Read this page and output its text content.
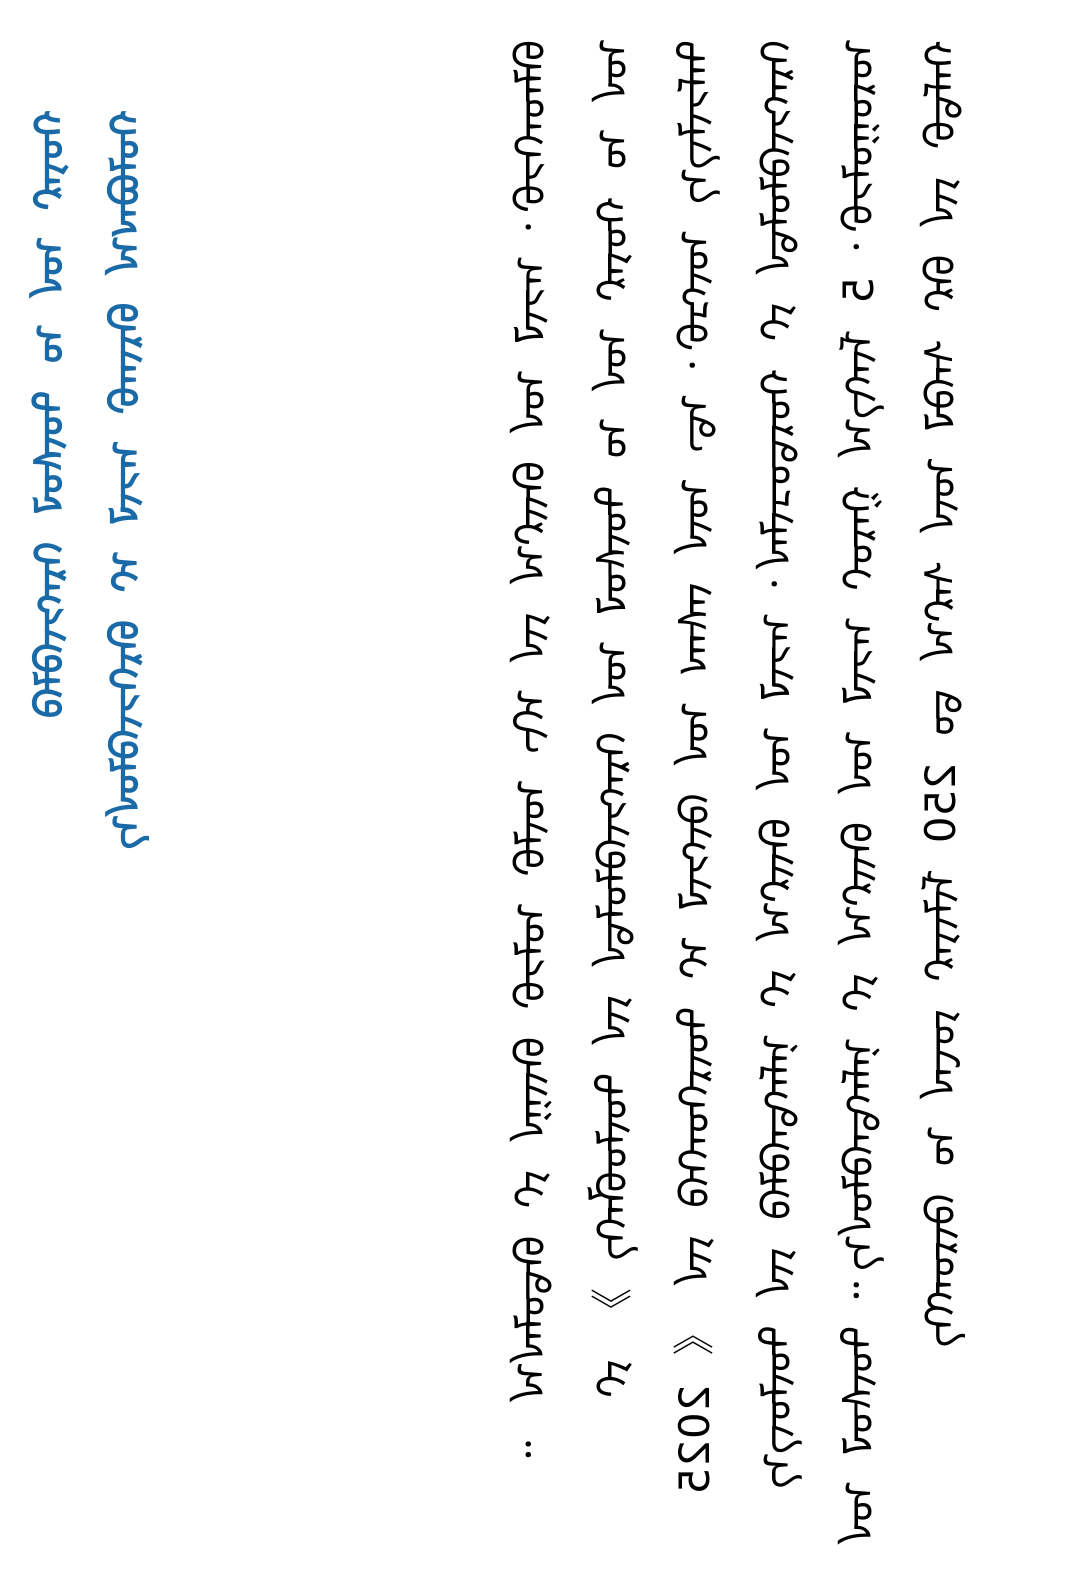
ᠬᠣᠯᠪᠣᠭ᠎ᠠ ᠪᠠᠷᠢᠬᠤ ᠠᠵᠢᠯ ᠢ ᠪᠡᠷᠬᠡᠵᠢᠭᠦᠯᠦᠨ᠎ᠡ ᠬᠣᠶᠠᠷ ᠣᠨ ᠤ ᠲᠥᠰᠥᠯ ᠬᠡᠷᠡᠭᠵᠢᠭᠦᠯᠬᠦ	ᠬᠠᠮᠲᠤ ᠶᠢᠨ ᠪᠡᠷ ᠰᠡᠭᠦᠯ ᠦᠨ ᠰᠠᠷ᠎ᠠ ᠳᠤ 250 ᠮᠢᠯᠢᠶᠠᠷ ᠶᠤᠸᠠᠨ ᠤ ᠬᠥᠷᠥᠩᠭᠡ ᠣᠷᠣᠭᠤᠯᠵᠤ᠂ 5 ᠮᠢᠩᠭ᠎ᠠ ᠭᠠᠷᠤᠢ ᠠᠵᠢᠯ ᠤᠨ ᠪᠠᠢᠷ᠎ᠠ ᠶᠢ ᠨᠡᠮᠡᠭᠳᠡᠭᠦᠯᠦᠨ᠎ᠡ᠃ ᠲᠥᠰᠥᠯ ᠤᠨ ᠬᠡᠷᠡᠭᠵᠢᠭᠦᠯᠦᠯᠲᠡ ᠶᠢ ᠬᠤᠷᠳᠤᠴᠢᠯᠠᠨ᠂ ᠠᠵᠢᠯ ᠤᠨ ᠪᠠᠢᠷ᠎ᠠ ᠶᠢ ᠨᠡᠮᠡᠭᠳᠡᠭᠦᠯᠬᠦ ᠶᠢᠨ ᠲᠥᠯᠥᠭ᠎ᠡ ᠳᠡᠮᠵᠢᠯᠭ᠎ᠡ ᠥᠭᠴᠦ᠂ ᠡᠳ᠋ ᠦᠨ ᠵᠠᠰᠠᠭ ᠤᠨ ᠬᠥᠭᠵᠢᠯ ᠢ ᠲᠦᠷᠭᠡᠳᠬᠡᠬᠦ ᠶᠢᠨ 《 2025 ᠣᠨ ᠤ ᠬᠣᠶᠠᠷ ᠣᠨ ᠤ ᠲᠥᠰᠥᠯ ᠤᠨ ᠬᠡᠷᠡᠭᠵᠢᠭᠦᠯᠦᠯᠲᠡ ᠶᠢᠨ ᠲᠥᠯᠥᠪᠯᠡᠭᠡ 》 ᠶᠢ ᠪᠡᠯᠡᠳᠬᠡᠵᠦ᠂ ᠠᠵᠢᠯ ᠤᠨ ᠪᠠᠢᠷ᠎ᠠ ᠶᠢᠨ ᠡᠬᠢ ᠦᠯᠦ ᠣᠯᠵᠤ ᠪᠠᠢᠭᠠ ᠶᠢ ᠪᠠᠲᠤᠯᠠᠨ᠎ᠠ ᠃
